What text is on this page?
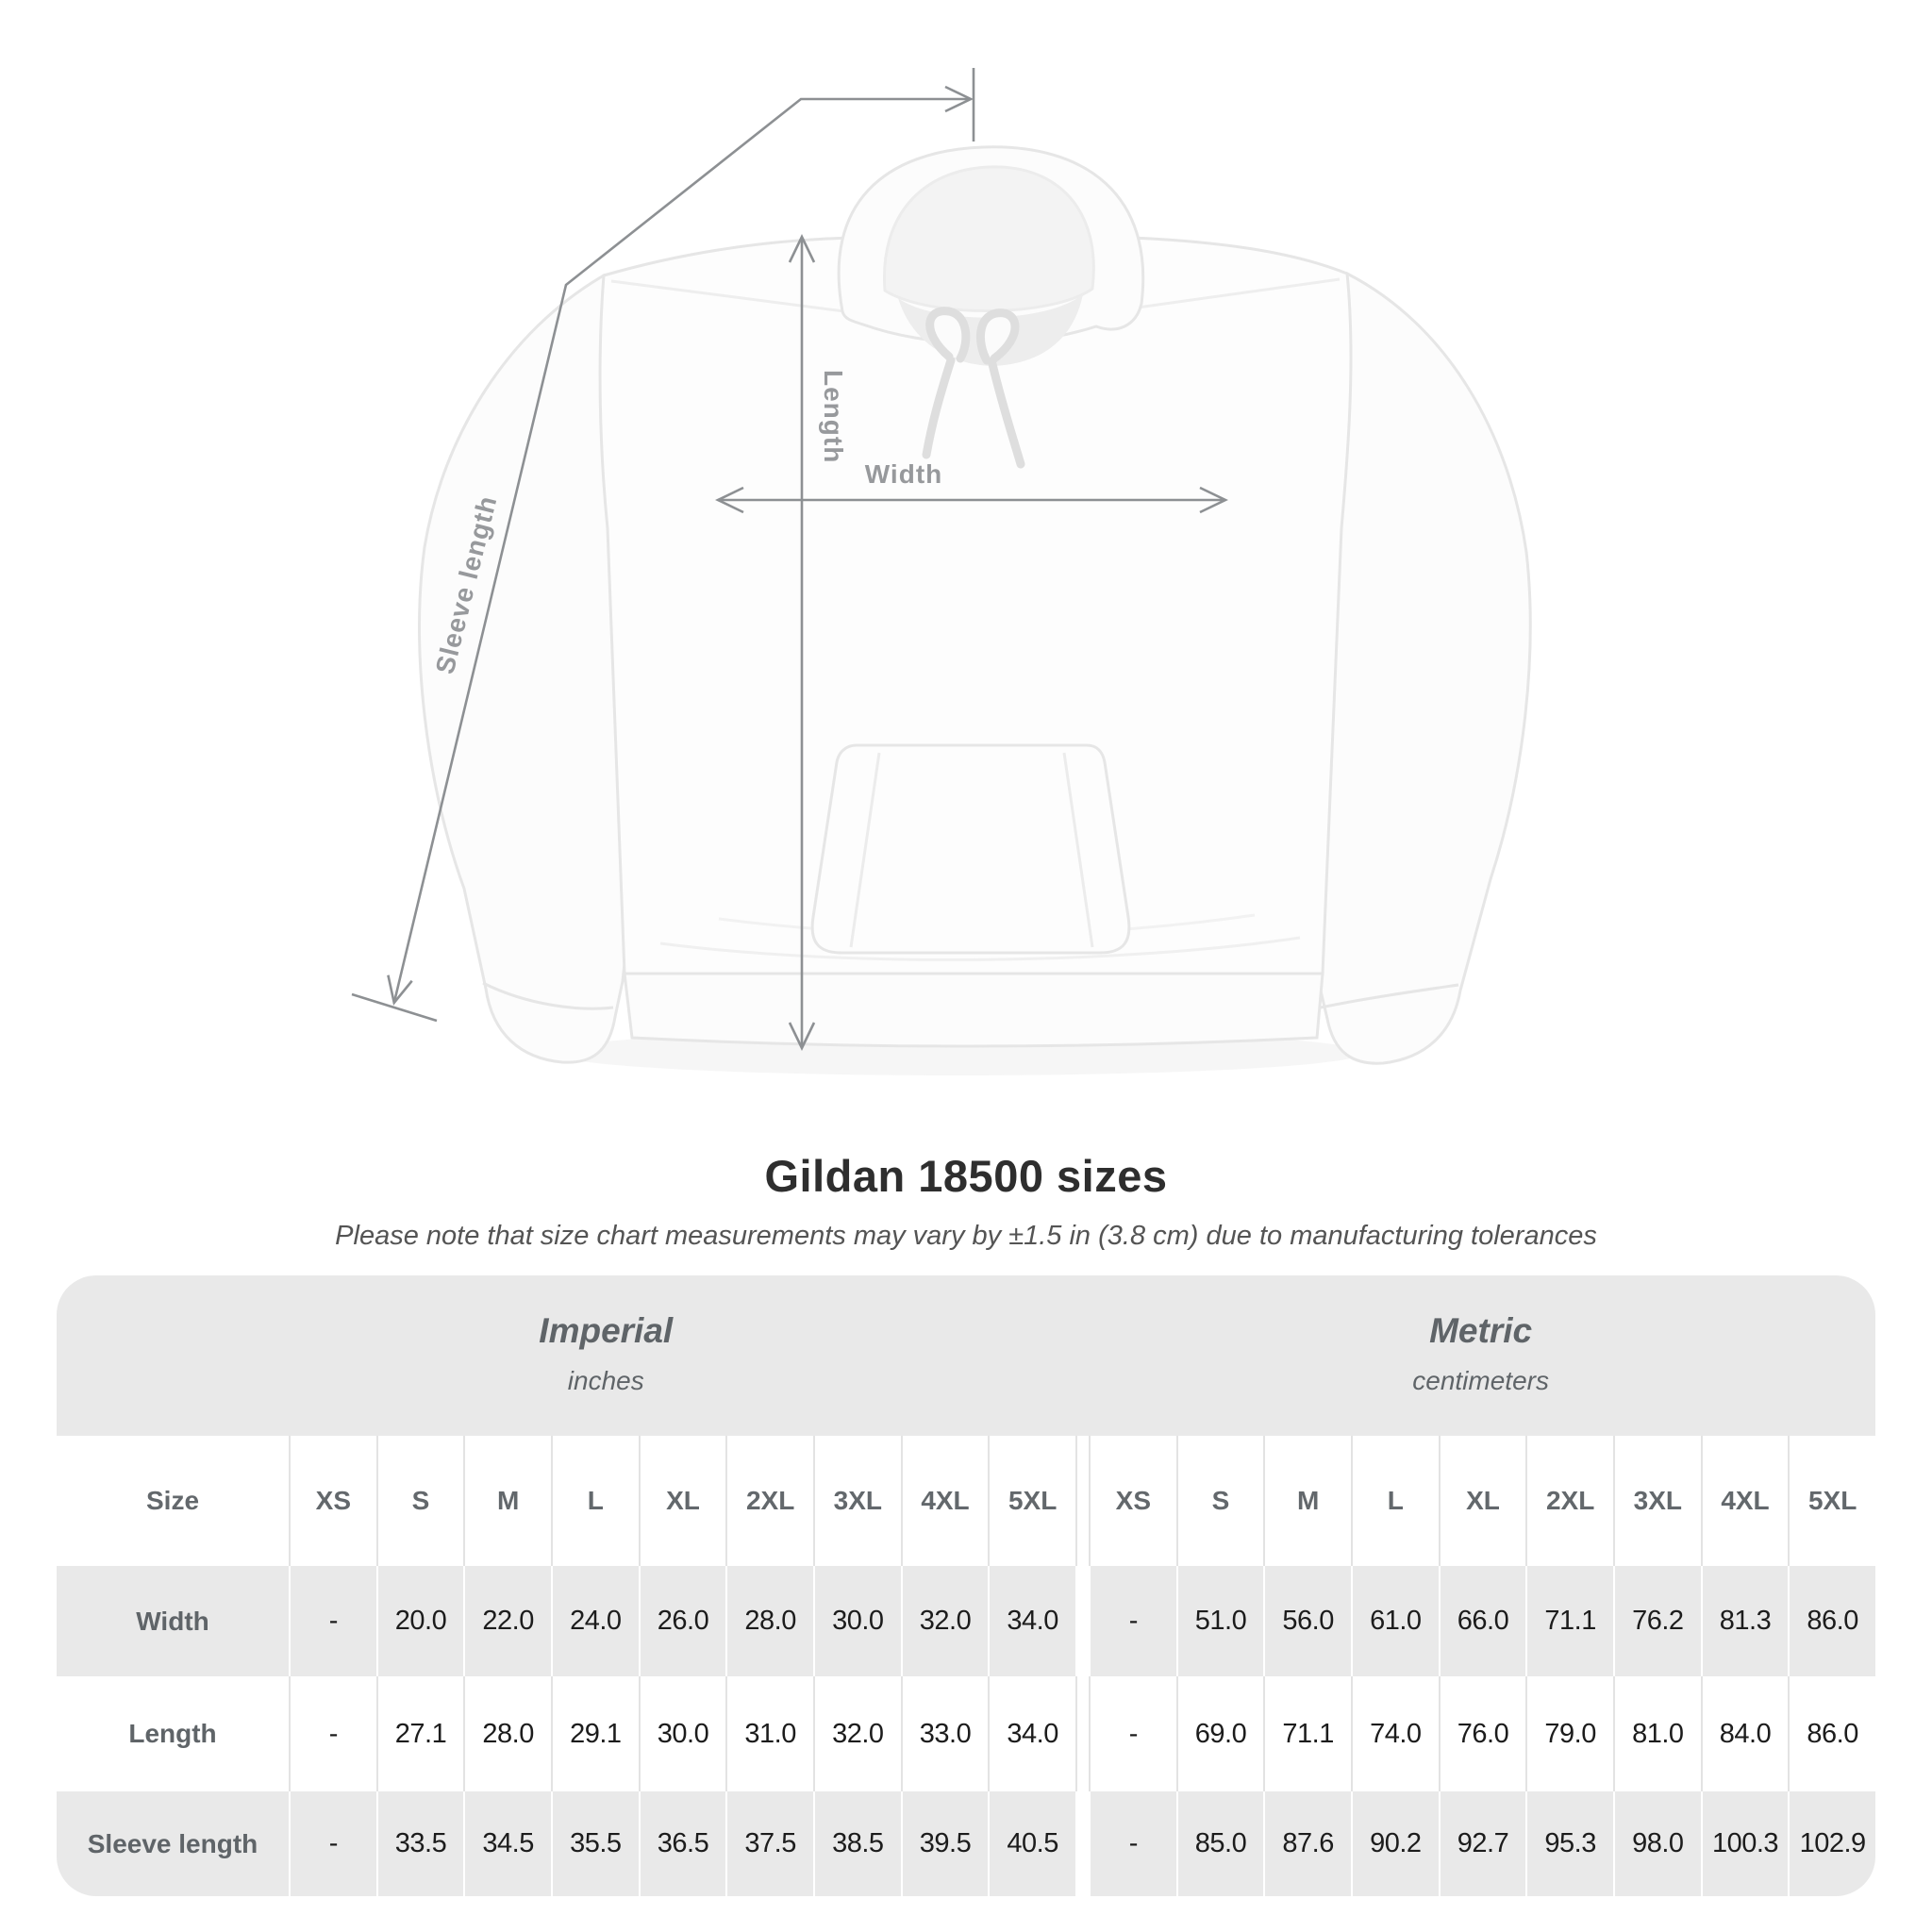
Width
Length
Sleeve length
Gildan 18500 sizes

Please note that size chart measurements may vary by ±1.5 in (3.8 cm) due to manufacturing tolerances

Imperial
inches
Metric
centimeters
Size	XS S	M	L XL 2XL 3XL 4XL 5XL XS S	M	L XL 2XL 3XL 4XL 5XL
Width	- 20.0 22.0 24.0 26.0 28.0 30.0 32.0 34.0	- 51.0 56.0 61.0 66.0 71.1 76.2 81.3 86.0
Length	- 27.1 28.0 29.1 30.0 31.0 32.0 33.0 34.0	- 69.0 71.1 74.0 76.0 79.0 81.0 84.0 86.0
Sleeve length	- 33.5 34.5 35.5 36.5 37.5 38.5 39.5 40.5	- 85.0 87.6 90.2 92.7 95.3 98.0 100.3 102.9
